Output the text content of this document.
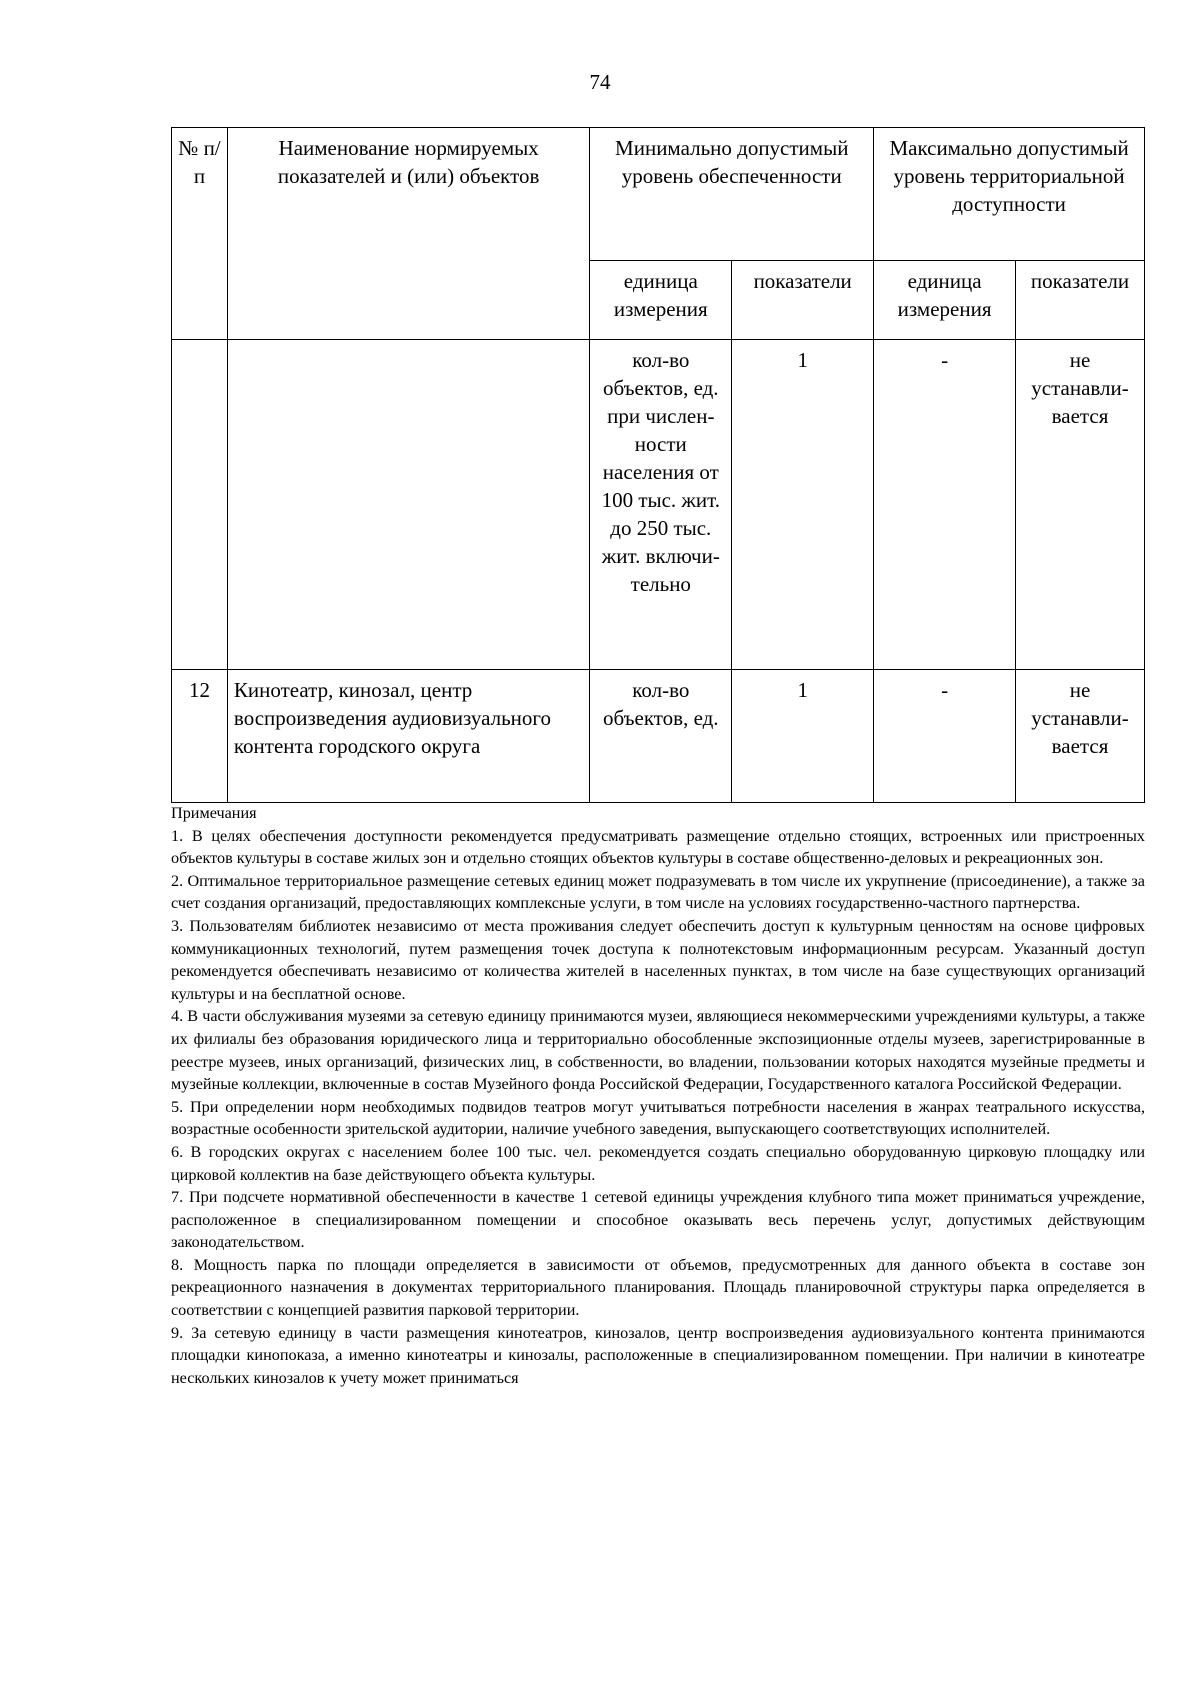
74
№ п/п	Наименование нормируемых показателей и (или) объектов	Минимально допустимый уровень обеспеченности		Максимально допустимый уровень территориальной доступности	
		единица измерения	показатели	единица измерения	показатели
		кол-во объектов, ед. при числен-ности населения от 100 тыс. жит. до 250 тыс. жит. включи-тельно	1	-	не устанавли-вается
12	Кинотеатр, кинозал, центр воспроизведения аудиовизуального контента городского округа	кол-во объектов, ед.	1	-	не устанавли-вается

Примечания

1. В целях обеспечения доступности рекомендуется предусматривать размещение отдельно стоящих, встроенных или пристроенных объектов культуры в составе жилых зон и отдельно стоящих объектов культуры в составе общественно-деловых и рекреационных зон.

2. Оптимальное территориальное размещение сетевых единиц может подразумевать в том числе их укрупнение (присоединение), а также за счет создания организаций, предоставляющих комплексные услуги, в том числе на условиях государственно-частного партнерства.

3. Пользователям библиотек независимо от места проживания следует обеспечить доступ к культурным ценностям на основе цифровых коммуникационных технологий, путем размещения точек доступа к полнотекстовым информационным ресурсам. Указанный доступ рекомендуется обеспечивать независимо от количества жителей в населенных пунктах, в том числе на базе существующих организаций культуры и на бесплатной основе.

4. В части обслуживания музеями за сетевую единицу принимаются музеи, являющиеся некоммерческими учреждениями культуры, а также их филиалы без образования юридического лица и территориально обособленные экспозиционные отделы музеев, зарегистрированные в реестре музеев, иных организаций, физических лиц, в собственности, во владении, пользовании которых находятся музейные предметы и музейные коллекции, включенные в состав Музейного фонда Российской Федерации, Государственного каталога Российской Федерации.

5. При определении норм необходимых подвидов театров могут учитываться потребности населения в жанрах театрального искусства, возрастные особенности зрительской аудитории, наличие учебного заведения, выпускающего соответствующих исполнителей.

6. В городских округах с населением более 100 тыс. чел. рекомендуется создать специально оборудованную цирковую площадку или цирковой коллектив на базе действующего объекта культуры.

7. При подсчете нормативной обеспеченности в качестве 1 сетевой единицы учреждения клубного типа может приниматься учреждение, расположенное в специализированном помещении и способное оказывать весь перечень услуг, допустимых действующим законодательством.

8. Мощность парка по площади определяется в зависимости от объемов, предусмотренных для данного объекта в составе зон рекреационного назначения в документах территориального планирования. Площадь планировочной структуры парка определяется в соответствии с концепцией развития парковой территории.

9. За сетевую единицу в части размещения кинотеатров, кинозалов, центр воспроизведения аудиовизуального контента принимаются площадки кинопоказа, а именно кинотеатры и кинозалы, расположенные в специализированном помещении. При наличии в кинотеатре нескольких кинозалов к учету может приниматься
